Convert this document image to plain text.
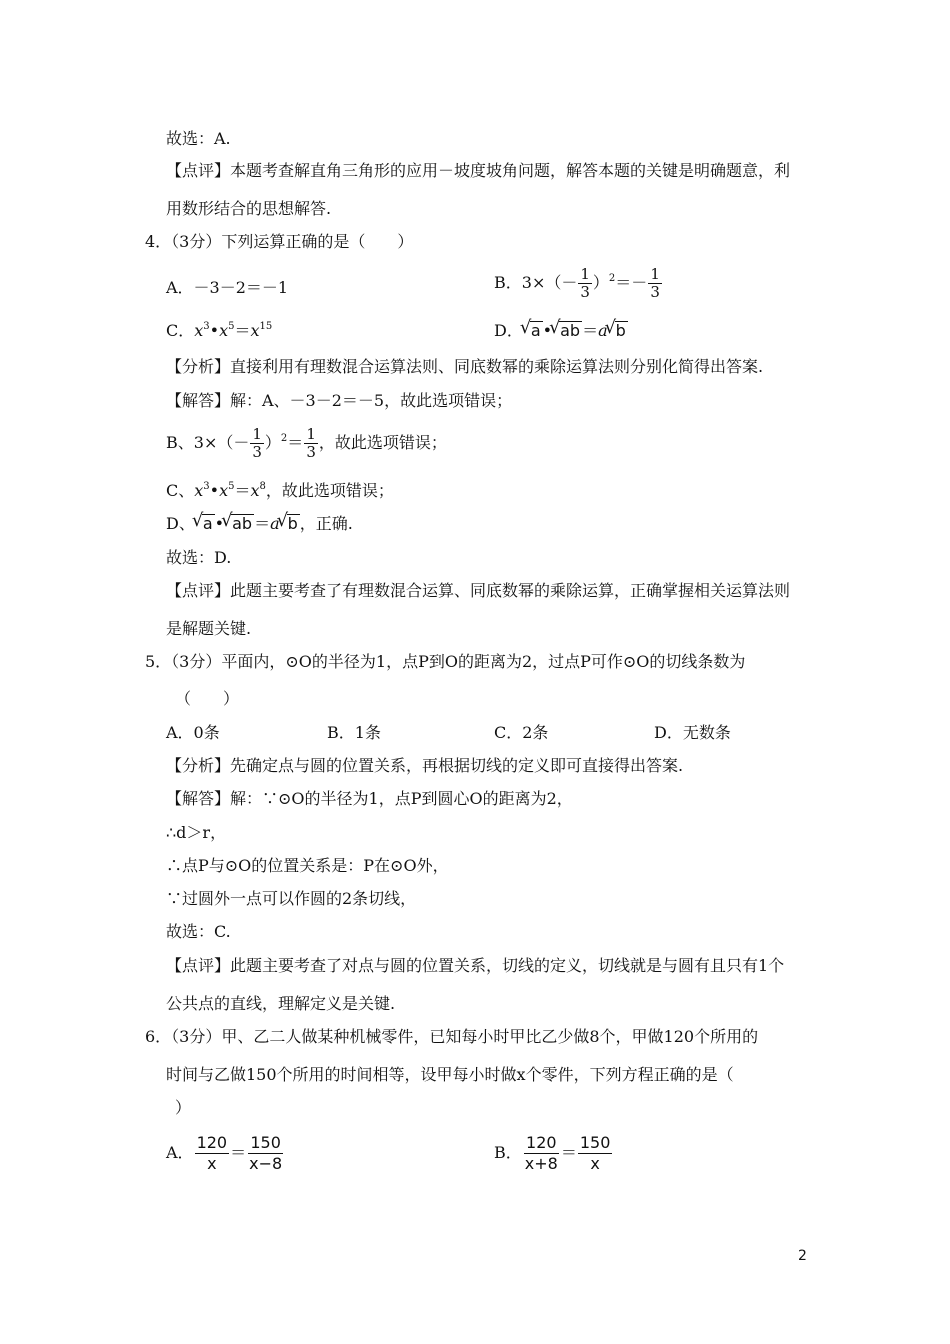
故选：A.
【点评】本题考查解直角三角形的应用－坡度坡角问题，解答本题的关键是明确题意，利
用数形结合的思想解答.
4．（3分）下列运算正确的是（　　）
A．－3－2＝－1	B．$3\times(- \frac{1}{3} )^2=- \frac{1}{3}$
C．$x^3•x^5=x^{15}$	D． √ a • √ ab ＝a √ b
【分析】直接利用有理数混合运算法则、同底数幂的乘除运算法则分别化简得出答案.
【解答】解：A、－3－2＝－5，故此选项错误；
B、$3\times(- \frac{1}{3} )^2= \frac{1}{3}$ ，故此选项错误；
C、$x^3•x^5=x^8$，故此选项错误；
D、 √ a • √ ab ＝a √ b ，正确.
故选：D.
【点评】此题主要考查了有理数混合运算、同底数幂的乘除运算，正确掌握相关运算法则
是解题关键.
5．（3分）平面内，⊙O的半径为1，点P到O的距离为2，过点P可作⊙O的切线条数为
（　　）
A．0条	B．1条	C．2条	D．无数条
【分析】先确定点与圆的位置关系，再根据切线的定义即可直接得出答案.
【解答】解：∵⊙O的半径为1，点P到圆心O的距离为2，
∴d＞r，
∴点P与⊙O的位置关系是：P在⊙O外，
∵过圆外一点可以作圆的2条切线，
故选：C.
【点评】此题主要考查了对点与圆的位置关系，切线的定义，切线就是与圆有且只有1个
公共点的直线，理解定义是关键.
6．（3分）甲、乙二人做某种机械零件，已知每小时甲比乙少做8个，甲做120个所用的
时间与乙做150个所用的时间相等，设甲每小时做x个零件，下列方程正确的是（
）
A． $\frac{120}{x} = \frac{150}{x-8}$	B． $\frac{120}{x+8} = \frac{150}{x}$
2
